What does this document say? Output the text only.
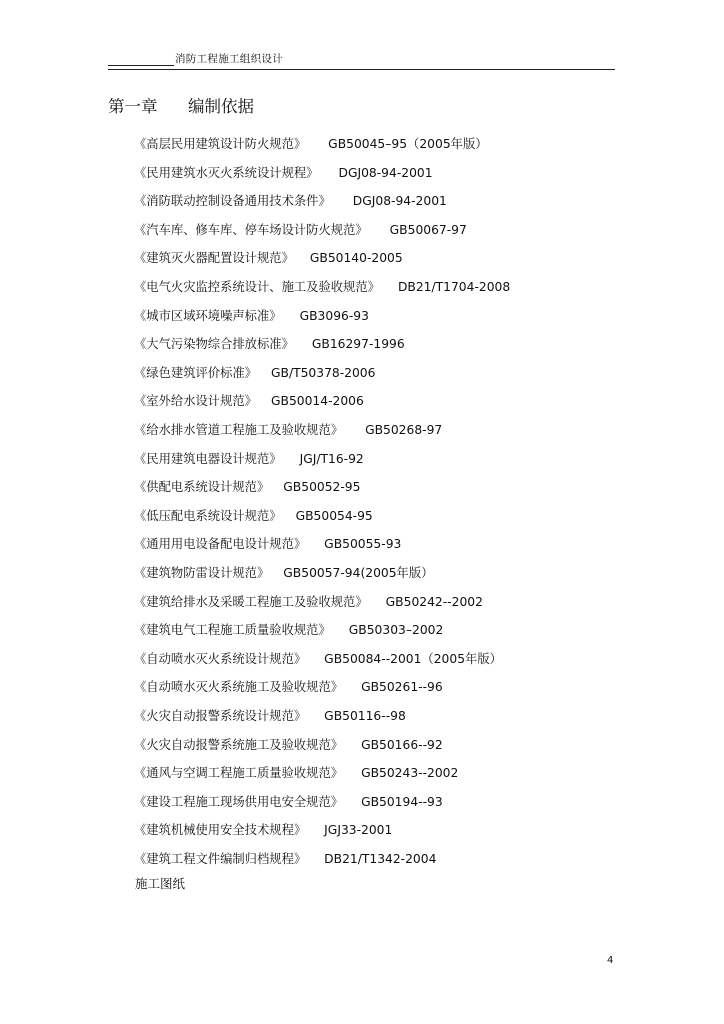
消防工程施工组织设计
第一章 编制依据
《高层民用建筑设计防火规范》 GB50045–95（2005年版）
《民用建筑水灭火系统设计规程》 DGJ08-94-2001
《消防联动控制设备通用技术条件》 DGJ08-94-2001
《汽车库、修车库、停车场设计防火规范》 GB50067-97
《建筑灭火器配置设计规范》 GB50140-2005
《电气火灾监控系统设计、施工及验收规范》 DB21/T1704-2008
《城市区域环境噪声标准》 GB3096-93
《大气污染物综合排放标准》 GB16297-1996
《绿色建筑评价标准》 GB/T50378-2006
《室外给水设计规范》 GB50014-2006
《给水排水管道工程施工及验收规范》 GB50268-97
《民用建筑电器设计规范》 JGJ/T16-92
《供配电系统设计规范》 GB50052-95
《低压配电系统设计规范》 GB50054-95
《通用用电设备配电设计规范》 GB50055-93
《建筑物防雷设计规范》 GB50057-94(2005年版）
《建筑给排水及采暖工程施工及验收规范》 GB50242--2002
《建筑电气工程施工质量验收规范》 GB50303–2002
《自动喷水灭火系统设计规范》 GB50084--2001（2005年版）
《自动喷水灭火系统施工及验收规范》 GB50261--96
《火灾自动报警系统设计规范》 GB50116--98
《火灾自动报警系统施工及验收规范》 GB50166--92
《通风与空调工程施工质量验收规范》 GB50243--2002
《建设工程施工现场供用电安全规范》 GB50194--93
《建筑机械使用安全技术规程》 JGJ33-2001
《建筑工程文件编制归档规程》 DB21/T1342-2004
施工图纸
4
